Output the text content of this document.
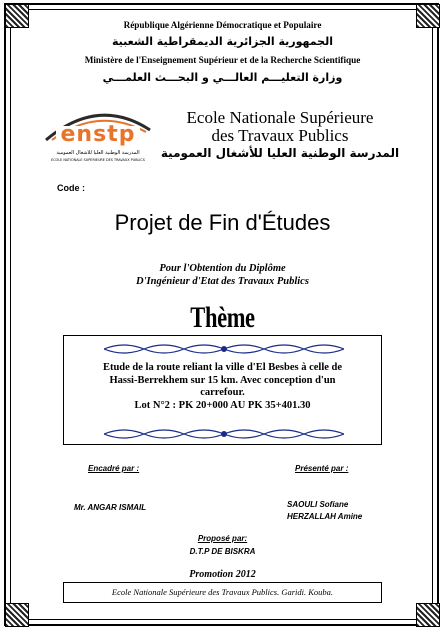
République Algérienne Démocratique et Populaire
الجمهورية الجزائرية الديمقراطية الشعبية
Ministère de l'Enseignement Supérieur et de la Recherche Scientifique
وزارة التعليـــم العالـــي و البحـــث العلمـــي
enstp
المدرسة الوطنية العليا للأشغال العمومية
ECOLE NATIONALE SUPERIEURE DES TRAVAUX PUBLICS
Ecole Nationale Supérieure
des Travaux Publics
المدرسة الوطنية العليا للأشغال العمومية
Code :
Projet de Fin d'Études
Pour l'Obtention du Diplôme
D'Ingénieur d'Etat des Travaux Publics
Thème
Etude de la route reliant la ville d'El Besbes à celle de
Hassi-Berrekhem sur 15 km. Avec conception d'un
carrefour.
Lot N°2 : PK 20+000 AU PK 35+401.30
Encadré par :
Mr. ANGAR ISMAIL
Présenté par :
SAOULI Sofiane
HERZALLAH Amine
Proposé par:
D.T.P DE BISKRA
Promotion 2012
Ecole Nationale Supérieure des Travaux Publics. Garidi. Kouba.
